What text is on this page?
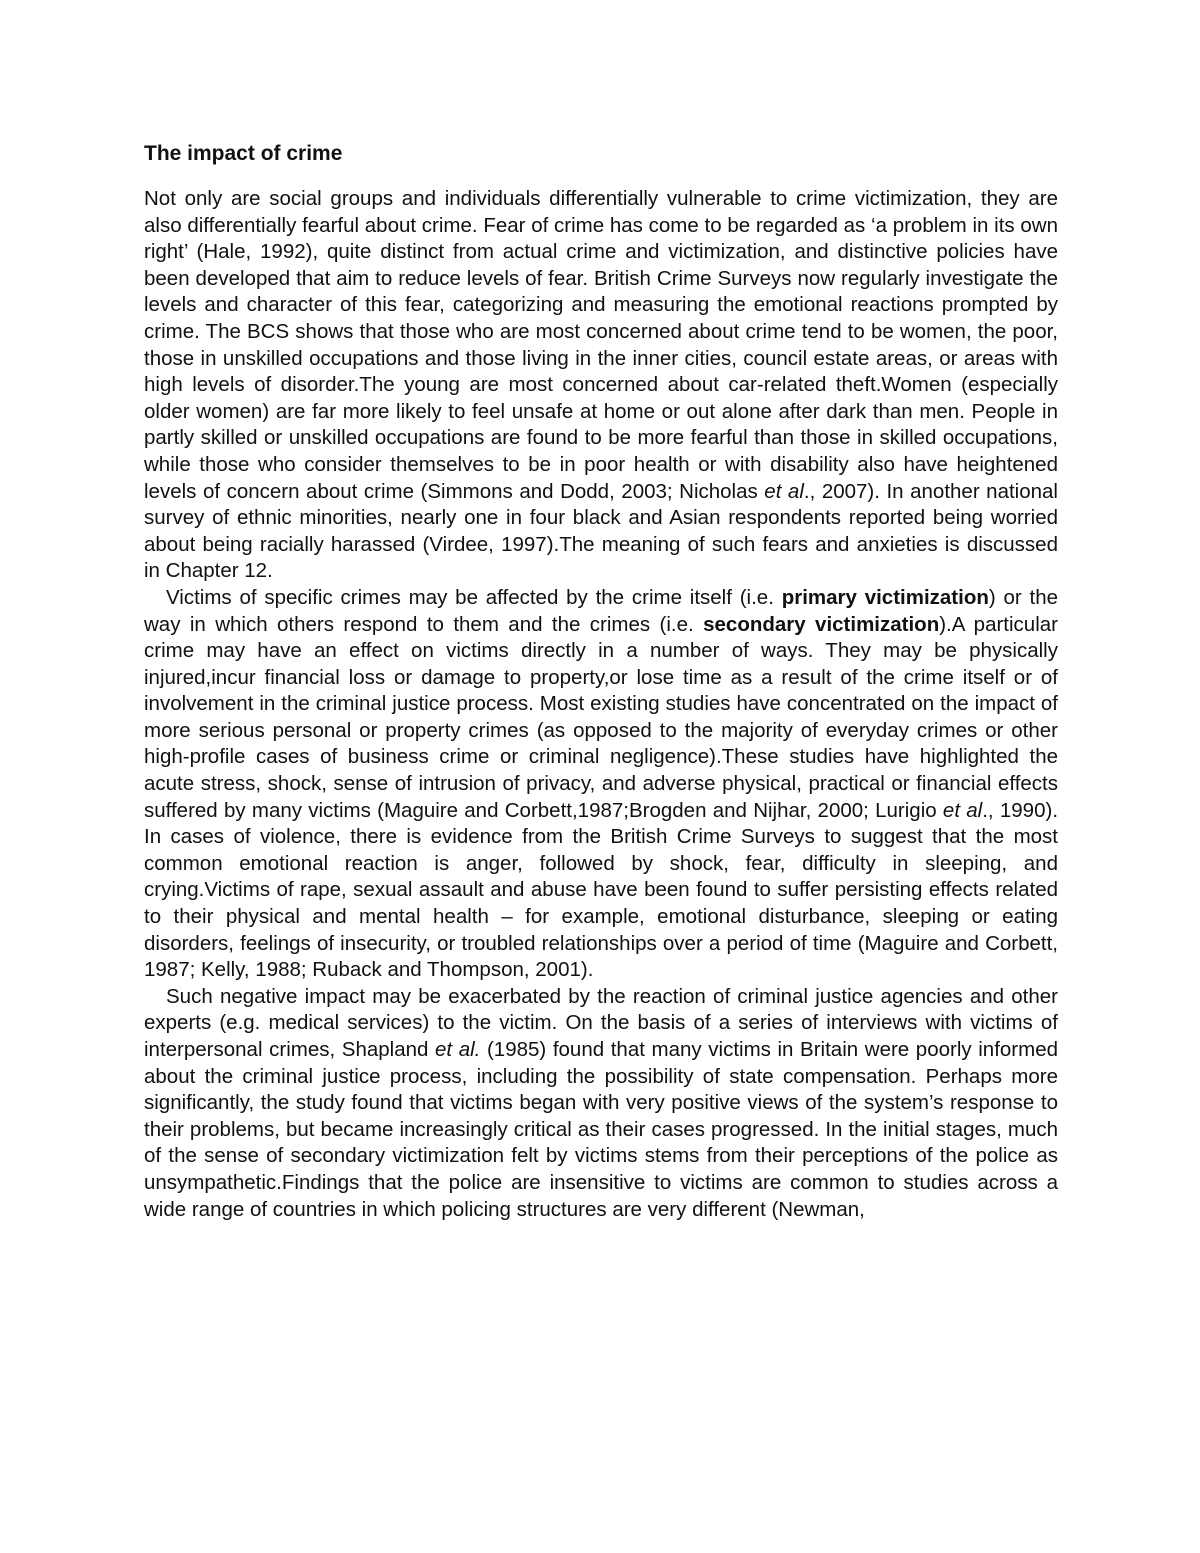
The impact of crime

Not only are social groups and individuals differentially vulnerable to crime victimization, they are also differentially fearful about crime. Fear of crime has come to be regarded as ‘a problem in its own right’ (Hale, 1992), quite distinct from actual crime and victimization, and distinctive policies have been developed that aim to reduce levels of fear. British Crime Surveys now regularly investigate the levels and character of this fear, categorizing and measuring the emotional reactions prompted by crime. The BCS shows that those who are most concerned about crime tend to be women, the poor, those in unskilled occupations and those living in the inner cities, council estate areas, or areas with high levels of disorder.The young are most concerned about car-related theft.Women (especially older women) are far more likely to feel unsafe at home or out alone after dark than men. People in partly skilled or unskilled occupations are found to be more fearful than those in skilled occupations, while those who consider themselves to be in poor health or with disability also have heightened levels of concern about crime (Simmons and Dodd, 2003; Nicholas et al., 2007). In another national survey of ethnic minorities, nearly one in four black and Asian respondents reported being worried about being racially harassed (Virdee, 1997).The meaning of such fears and anxieties is discussed in Chapter 12.

Victims of specific crimes may be affected by the crime itself (i.e. primary victimization) or the way in which others respond to them and the crimes (i.e. secondary victimization).A particular crime may have an effect on victims directly in a number of ways. They may be physically injured,incur financial loss or damage to property,or lose time as a result of the crime itself or of involvement in the criminal justice process. Most existing studies have concentrated on the impact of more serious personal or property crimes (as opposed to the majority of everyday crimes or other high-profile cases of business crime or criminal negligence).These studies have highlighted the acute stress, shock, sense of intrusion of privacy, and adverse physical, practical or financial effects suffered by many victims (Maguire and Corbett,1987;Brogden and Nijhar, 2000; Lurigio et al., 1990). In cases of violence, there is evidence from the British Crime Surveys to suggest that the most common emotional reaction is anger, followed by shock, fear, difficulty in sleeping, and crying.Victims of rape, sexual assault and abuse have been found to suffer persisting effects related to their physical and mental health – for example, emotional disturbance, sleeping or eating disorders, feelings of insecurity, or troubled relationships over a period of time (Maguire and Corbett, 1987; Kelly, 1988; Ruback and Thompson, 2001).

Such negative impact may be exacerbated by the reaction of criminal justice agencies and other experts (e.g. medical services) to the victim. On the basis of a series of interviews with victims of interpersonal crimes, Shapland et al. (1985) found that many victims in Britain were poorly informed about the criminal justice process, including the possibility of state compensation. Perhaps more significantly, the study found that victims began with very positive views of the system’s response to their problems, but became increasingly critical as their cases progressed. In the initial stages, much of the sense of secondary victimization felt by victims stems from their perceptions of the police as unsympathetic.Findings that the police are insensitive to victims are common to studies across a wide range of countries in which policing structures are very different (Newman,
